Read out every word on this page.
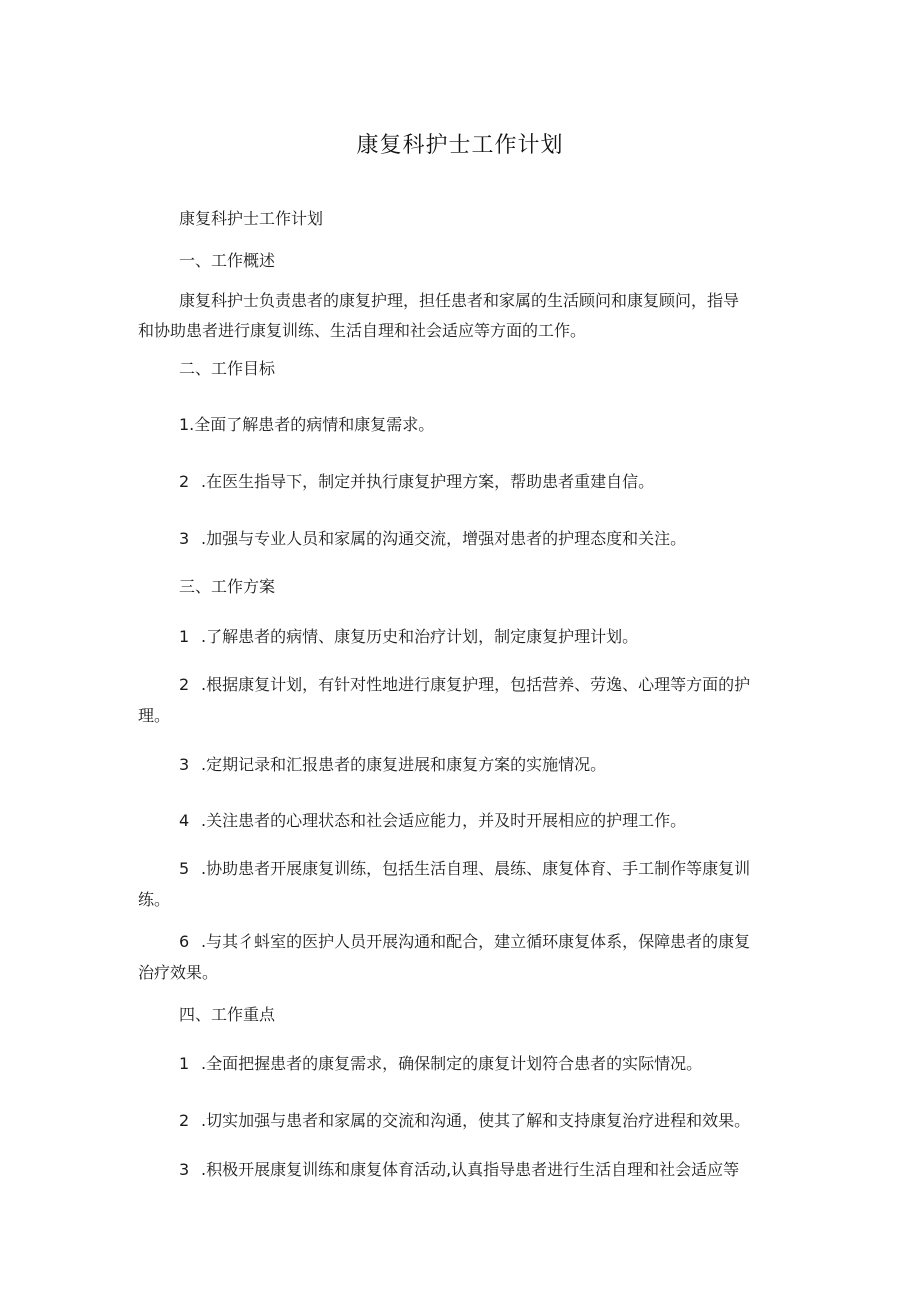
康复科护士工作计划
康复科护士工作计划
一、工作概述
康复科护士负责患者的康复护理，担任患者和家属的生活顾问和康复顾问，指导
和协助患者进行康复训练、生活自理和社会适应等方面的工作。
二、工作目标
1.全面了解患者的病情和康复需求。
2 .在医生指导下，制定并执行康复护理方案，帮助患者重建自信。
3 .加强与专业人员和家属的沟通交流，增强对患者的护理态度和关注。
三、工作方案
1 .了解患者的病情、康复历史和治疗计划，制定康复护理计划。
2 .根据康复计划，有针对性地进行康复护理，包括营养、劳逸、心理等方面的护
理。
3 .定期记录和汇报患者的康复进展和康复方案的实施情况。
4 .关注患者的心理状态和社会适应能力，并及时开展相应的护理工作。
5 .协助患者开展康复训练，包括生活自理、晨练、康复体育、手工制作等康复训
练。
6 .与其彳蚪室的医护人员开展沟通和配合，建立循环康复体系，保障患者的康复
治疗效果。
四、工作重点
1 .全面把握患者的康复需求，确保制定的康复计划符合患者的实际情况。
2 .切实加强与患者和家属的交流和沟通，使其了解和支持康复治疗进程和效果。
3 .积极开展康复训练和康复体育活动,认真指导患者进行生活自理和社会适应等
